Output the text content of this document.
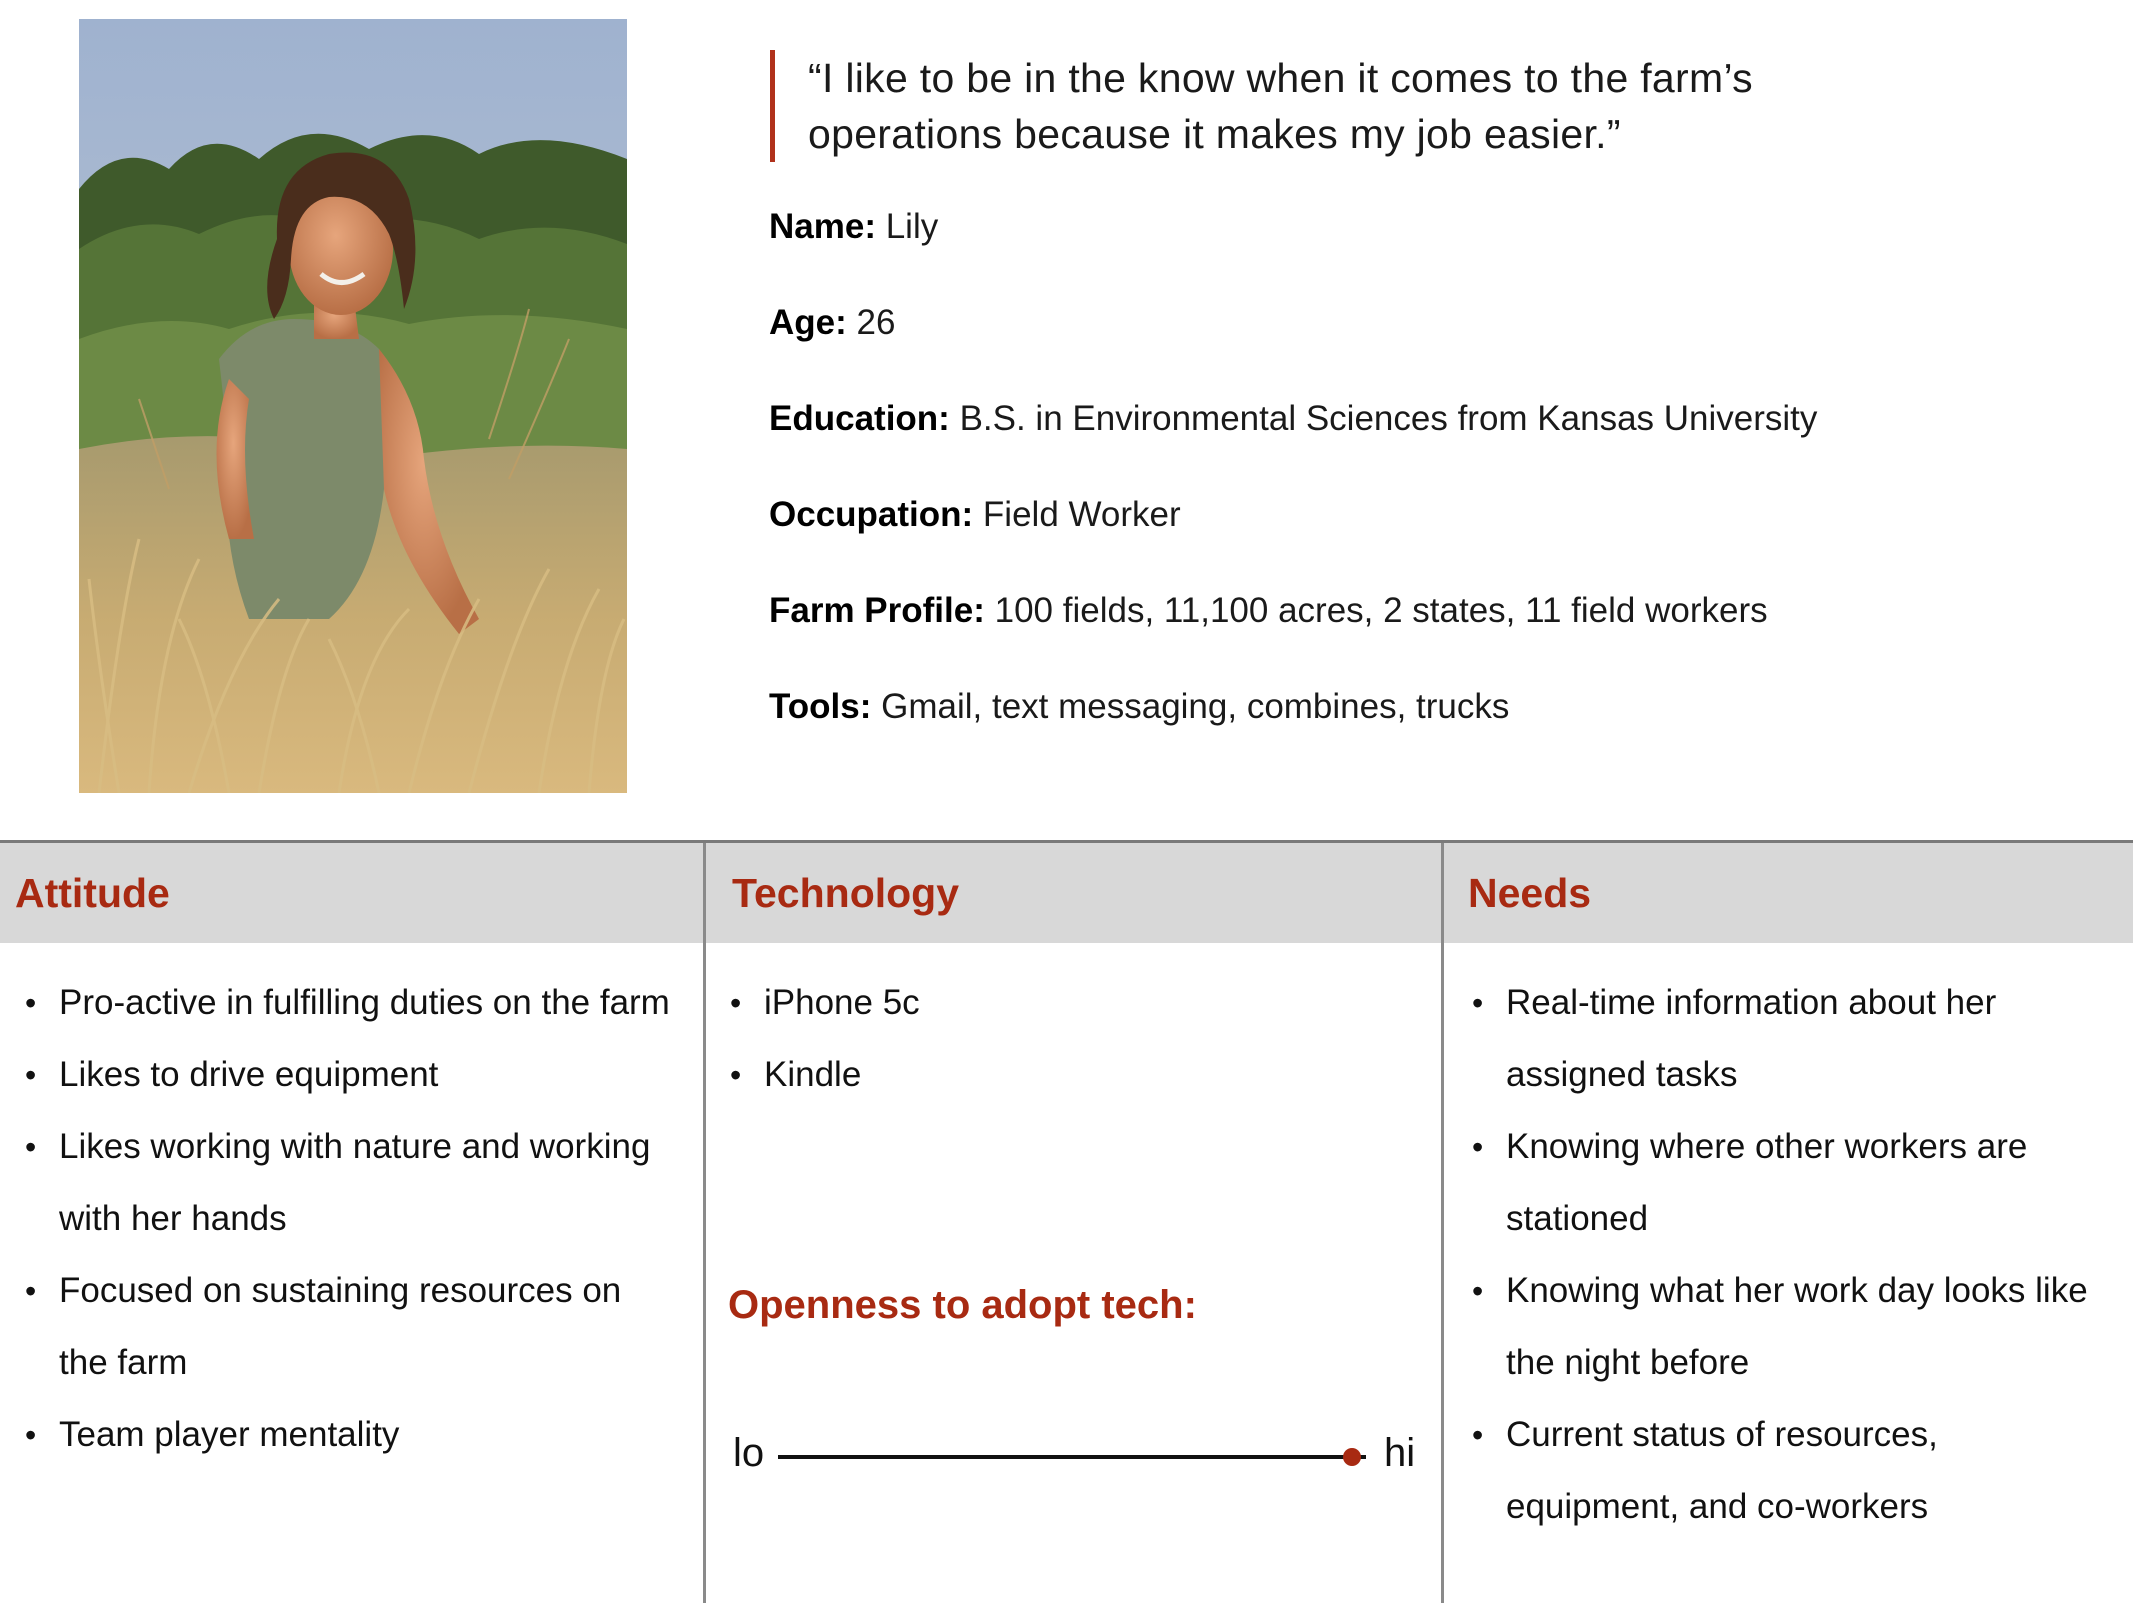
“I like to be in the know when it comes to the farm’s operations because it makes my job easier.”
Name: Lily
Age: 26
Education: B.S. in Environmental Sciences from Kansas University
Occupation: Field Worker
Farm Profile: 100 fields, 11,100 acres, 2 states, 11 field workers
Tools: Gmail, text messaging, combines, trucks
Attitude
• Pro-active in fulfilling duties on the farm
• Likes to drive equipment
• Likes working with nature and working with her hands
• Focused on sustaining resources on the farm
• Team player mentality
Technology
• iPhone 5c
• Kindle
Openness to adopt tech:
lo	hi
Needs
• Real-time information about her assigned tasks
• Knowing where other workers are stationed
• Knowing what her work day looks like the night before
• Current status of resources, equipment, and co-workers
